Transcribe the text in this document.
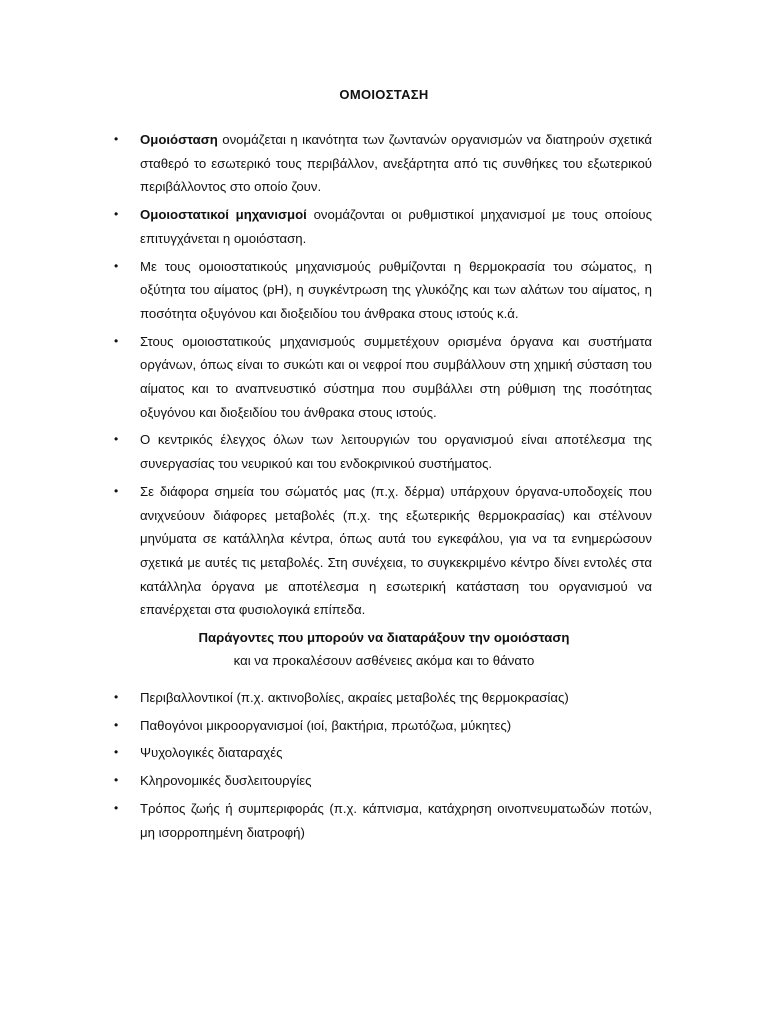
ΟΜΟΙΟΣΤΑΣΗ
• Ομοιόσταση ονομάζεται η ικανότητα των ζωντανών οργανισμών να διατηρούν σχετικά σταθερό το εσωτερικό τους περιβάλλον, ανεξάρτητα από τις συνθήκες του εξωτερικού περιβάλλοντος στο οποίο ζουν.
• Ομοιοστατικοί μηχανισμοί ονομάζονται οι ρυθμιστικοί μηχανισμοί με τους οποίους επιτυγχάνεται η ομοιόσταση.
• Με τους ομοιοστατικούς μηχανισμούς ρυθμίζονται η θερμοκρασία του σώματος, η οξύτητα του αίματος (pH), η συγκέντρωση της γλυκόζης και των αλάτων του αίματος, η ποσότητα οξυγόνου και διοξειδίου του άνθρακα στους ιστούς κ.ά.
• Στους ομοιοστατικούς μηχανισμούς συμμετέχουν ορισμένα όργανα και συστήματα οργάνων, όπως είναι το συκώτι και οι νεφροί που συμβάλλουν στη χημική σύσταση του αίματος και το αναπνευστικό σύστημα που συμβάλλει στη ρύθμιση της ποσότητας οξυγόνου και διοξειδίου του άνθρακα στους ιστούς.
• Ο κεντρικός έλεγχος όλων των λειτουργιών του οργανισμού είναι αποτέλεσμα της συνεργασίας του νευρικού και του ενδοκρινικού συστήματος.
• Σε διάφορα σημεία του σώματός μας (π.χ. δέρμα) υπάρχουν όργανα-υποδοχείς που ανιχνεύουν διάφορες μεταβολές (π.χ. της εξωτερικής θερμοκρασίας) και στέλνουν μηνύματα σε κατάλληλα κέντρα, όπως αυτά του εγκεφάλου, για να τα ενημερώσουν σχετικά με αυτές τις μεταβολές. Στη συνέχεια, το συγκεκριμένο κέντρο δίνει εντολές στα κατάλληλα όργανα με αποτέλεσμα η εσωτερική κατάσταση του οργανισμού να επανέρχεται στα φυσιολογικά επίπεδα.
Παράγοντες που μπορούν να διαταράξουν την ομοιόσταση
και να προκαλέσουν ασθένειες ακόμα και το θάνατο
• Περιβαλλοντικοί (π.χ. ακτινοβολίες, ακραίες μεταβολές της θερμοκρασίας)
• Παθογόνοι μικροοργανισμοί (ιοί, βακτήρια, πρωτόζωα, μύκητες)
• Ψυχολογικές διαταραχές
• Κληρονομικές δυσλειτουργίες
• Τρόπος ζωής ή συμπεριφοράς (π.χ. κάπνισμα, κατάχρηση οινοπνευματωδών ποτών, μη ισορροπημένη διατροφή)
